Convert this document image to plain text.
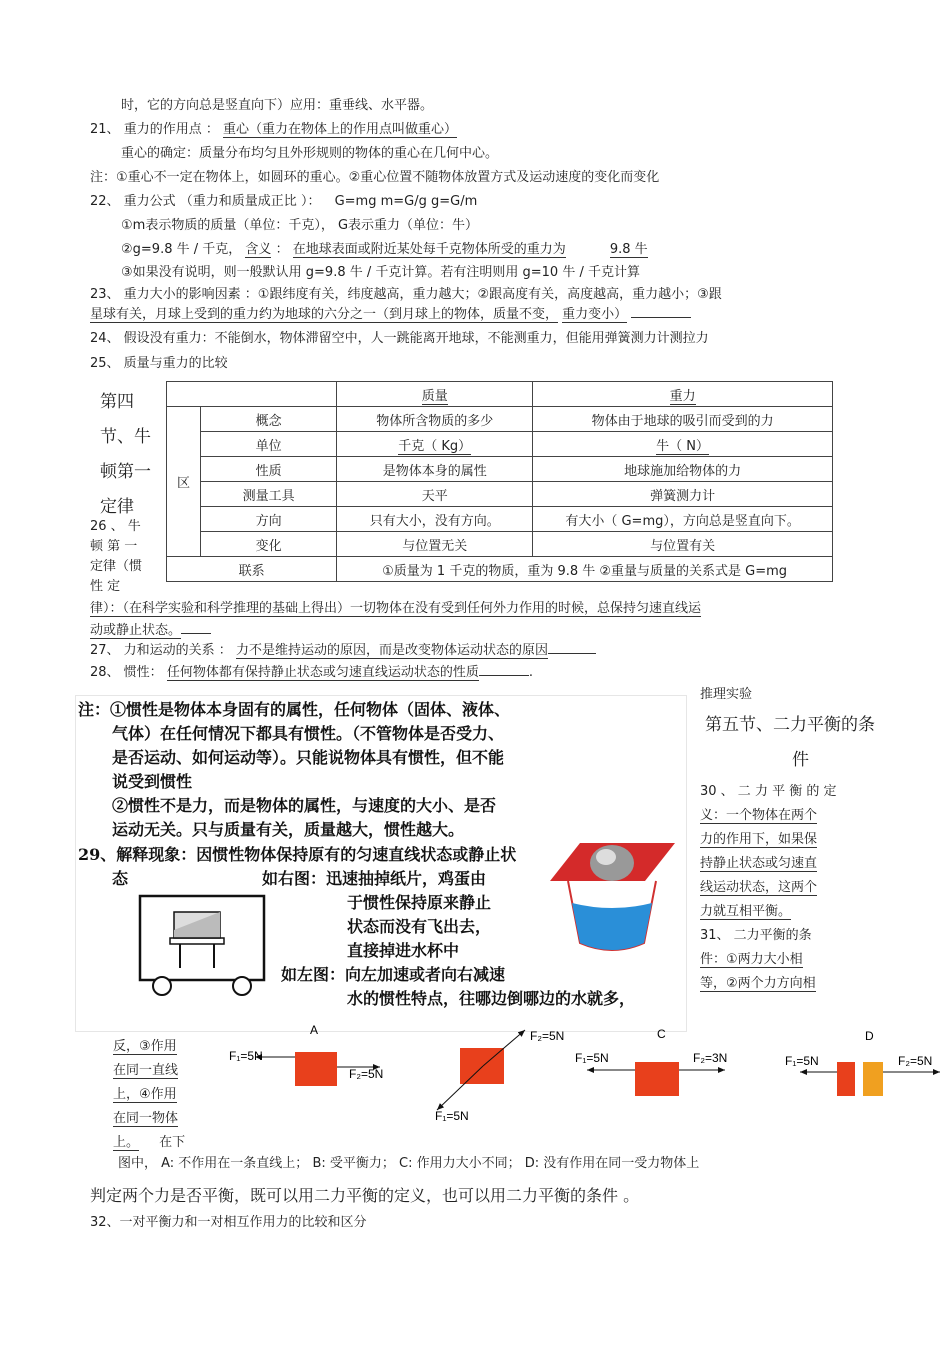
时，它的方向总是竖直向下）应用：重垂线、水平器。
21、 重力的作用点 ： 重心（重力在物体上的作用点叫做重心）
重心的确定：质量分布均匀且外形规则的物体的重心在几何中心。
注：①重心不一定在物体上，如圆环的重心。②重心位置不随物体放置方式及运动速度的变化而变化
22、 重力公式 （重力和质量成正比 ）： G=mg m=G/g g=G/m
①m表示物质的质量（单位：千克）， G表示重力（单位：牛）
②g=9.8 牛 / 千克， 含义 ： 在地球表面或附近某处每千克物体所受的重力为	9.8 牛
③如果没有说明，则一般默认用 g=9.8 牛 / 千克计算。若有注明则用 g=10 牛 / 千克计算
23、 重力大小的影响因素 ：①跟纬度有关，纬度越高，重力越大；②跟高度有关，高度越高，重力越小；③跟
星球有关，月球上受到的重力约为地球的六分之一（到月球上的物体，质量不变， 重力变小）
24、 假设没有重力：不能倒水，物体滞留空中，人一跳能离开地球，不能测重力，但能用弹簧测力计测拉力
25、 质量与重力的比较
第四
节、牛
顿第一
定律
26 、 牛
顿 第 一
定律（惯
性 定
		质量	重力
区	概念	物体所含物质的多少	物体由于地球的吸引而受到的力
	单位	千克（ Kg）	牛（ N）
	性质	是物体本身的属性	地球施加给物体的力
	测量工具	天平	弹簧测力计
	方向	只有大小，没有方向。	有大小（ G=mg），方向总是竖直向下。
	变化	与位置无关	与位置有关
联系		①质量为 1 千克的物质，重为 9.8 牛 ②重量与质量的关系式是 G=mg	
律）：（在科学实验和科学推理的基础上得出）一切物体在没有受到任何外力作用的时候，总保持匀速直线运
动或静止状态。
27、 力和运动的关系 ： 力不是维持运动的原因，而是改变物体运动状态的原因
28、 惯性： 任何物体都有保持静止状态或匀速直线运动状态的性质	.
注：①惯性是物体本身固有的属性，任何物体（固体、液体、
气体）在任何情况下都具有惯性。（不管物体是否受力、
是否运动、如何运动等）。只能说物体具有惯性，但不能
说受到惯性
②惯性不是力，而是物体的属性，与速度的大小、是否
运动无关。只与质量有关，质量越大，惯性越大。
29、解释现象：因惯性物体保持原有的匀速直线状态或静止状
态	如右图：迅速抽掉纸片，鸡蛋由
于惯性保持原来静止
状态而没有飞出去，
直接掉进水杯中
如左图：向左加速或者向右减速
水的惯性特点，往哪边倒哪边的水就多，
推理实验
第五节、二力平衡的条
件
30 、 二 力 平 衡 的 定
义：一个物体在两个
力的作用下，如果保
持静止状态或匀速直
线运动状态，这两个
力就互相平衡。
31、 二力平衡的条
件：①两力大小相
等，②两个力方向相
反，③作用
在同一直线
上，④作用
在同一物体
上。 在下
A
F₁=5N
F₂=5N
F₂=5N
F₁=5N
C
F₁=5N	F₂=3N
D
F₁=5N	F₂=5N
图中， A: 不作用在一条直线上； B: 受平衡力； C: 作用力大小不同； D: 没有作用在同一受力物体上
判定两个力是否平衡，既可以用二力平衡的定义，也可以用二力平衡的条件 。
32、一对平衡力和一对相互作用力的比较和区分
